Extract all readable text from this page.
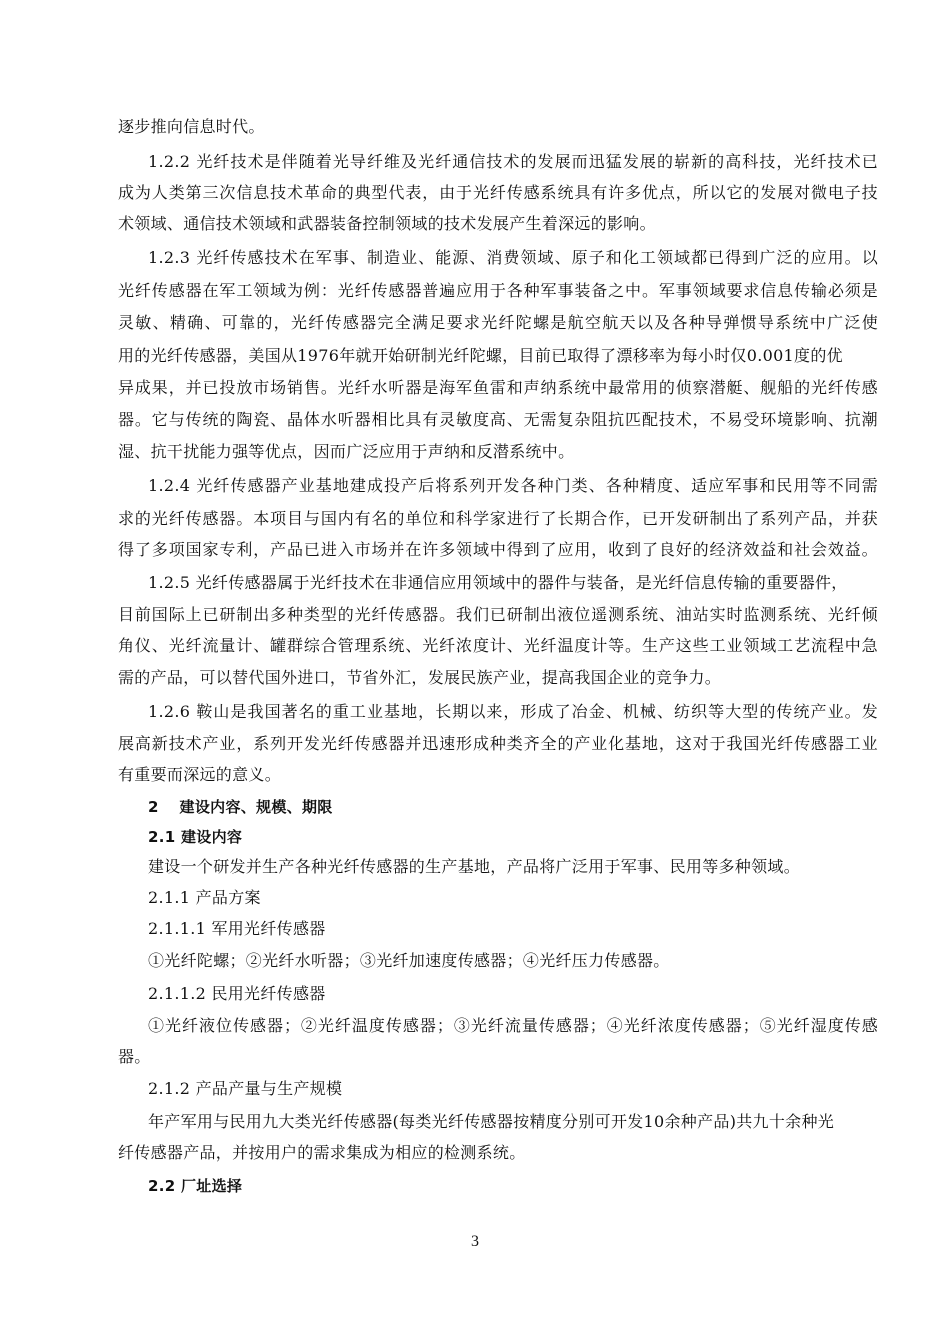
逐步推向信息时代。
1.2.2 光纤技术是伴随着光导纤维及光纤通信技术的发展而迅猛发展的崭新的高科技，光纤技术已
成为人类第三次信息技术革命的典型代表，由于光纤传感系统具有许多优点，所以它的发展对微电子技
术领域、通信技术领域和武器装备控制领域的技术发展产生着深远的影响。
1.2.3 光纤传感技术在军事、制造业、能源、消费领域、原子和化工领域都已得到广泛的应用。以
光纤传感器在军工领域为例：光纤传感器普遍应用于各种军事装备之中。军事领域要求信息传输必须是
灵敏、精确、可靠的，光纤传感器完全满足要求光纤陀螺是航空航天以及各种导弹惯导系统中广泛使
用的光纤传感器，美国从1976年就开始研制光纤陀螺，目前已取得了漂移率为每小时仅0.001度的优
异成果，并已投放市场销售。光纤水听器是海军鱼雷和声纳系统中最常用的侦察潜艇、舰船的光纤传感
器。它与传统的陶瓷、晶体水听器相比具有灵敏度高、无需复杂阻抗匹配技术，不易受环境影响、抗潮
湿、抗干扰能力强等优点，因而广泛应用于声纳和反潜系统中。
1.2.4 光纤传感器产业基地建成投产后将系列开发各种门类、各种精度、适应军事和民用等不同需
求的光纤传感器。本项目与国内有名的单位和科学家进行了长期合作，已开发研制出了系列产品，并获
得了多项国家专利，产品已进入市场并在许多领域中得到了应用，收到了良好的经济效益和社会效益。
1.2.5 光纤传感器属于光纤技术在非通信应用领域中的器件与装备，是光纤信息传输的重要器件，
目前国际上已研制出多种类型的光纤传感器。我们已研制出液位遥测系统、油站实时监测系统、光纤倾
角仪、光纤流量计、罐群综合管理系统、光纤浓度计、光纤温度计等。生产这些工业领域工艺流程中急
需的产品，可以替代国外进口，节省外汇，发展民族产业，提高我国企业的竞争力。
1.2.6 鞍山是我国著名的重工业基地，长期以来，形成了冶金、机械、纺织等大型的传统产业。发
展高新技术产业，系列开发光纤传感器并迅速形成种类齐全的产业化基地，这对于我国光纤传感器工业
有重要而深远的意义。
2　 建设内容、规模、期限
2.1 建设内容
建设一个研发并生产各种光纤传感器的生产基地，产品将广泛用于军事、民用等多种领域。
2.1.1 产品方案
2.1.1.1 军用光纤传感器
①光纤陀螺；②光纤水听器；③光纤加速度传感器；④光纤压力传感器。
2.1.1.2 民用光纤传感器
①光纤液位传感器；②光纤温度传感器；③光纤流量传感器；④光纤浓度传感器；⑤光纤湿度传感
器。
2.1.2 产品产量与生产规模
年产军用与民用九大类光纤传感器(每类光纤传感器按精度分别可开发10余种产品)共九十余种光
纤传感器产品，并按用户的需求集成为相应的检测系统。
2.2 厂址选择
3
